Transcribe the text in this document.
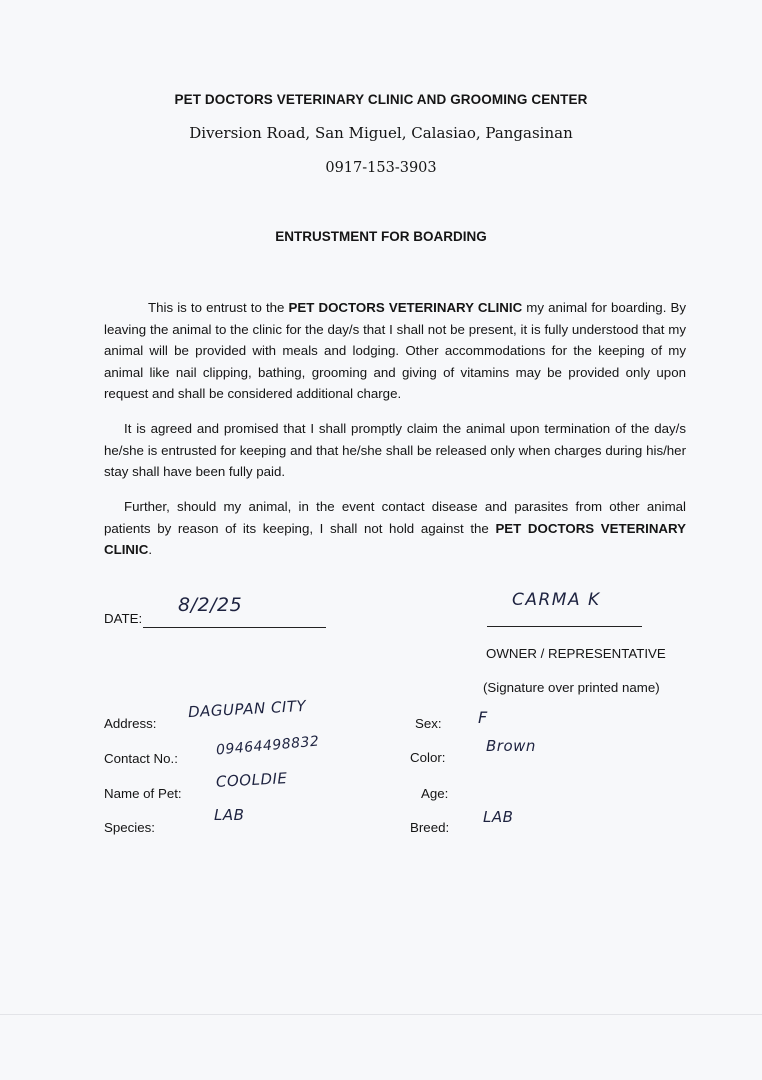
PET DOCTORS VETERINARY CLINIC AND GROOMING CENTER
Diversion Road, San Miguel, Calasiao, Pangasinan
0917-153-3903
ENTRUSTMENT FOR BOARDING
This is to entrust to the PET DOCTORS VETERINARY CLINIC my animal for boarding. By leaving the animal to the clinic for the day/s that I shall not be present, it is fully understood that my animal will be provided with meals and lodging. Other accommodations for the keeping of my animal like nail clipping, bathing, grooming and giving of vitamins may be provided only upon request and shall be considered additional charge.
It is agreed and promised that I shall promptly claim the animal upon termination of the day/s he/she is entrusted for keeping and that he/she shall be released only when charges during his/her stay shall have been fully paid.
Further, should my animal, in the event contact disease and parasites from other animal patients by reason of its keeping, I shall not hold against the PET DOCTORS VETERINARY CLINIC.
DATE:
8/2/25	CARMA K
OWNER / REPRESENTATIVE
(Signature over printed name)
Address:
DAGUPAN CITY
Contact No.:
09464498832
Name of Pet:
COOLDIE
Species:
LAB
Sex: F
Color:
Brown
Age:
Breed:
LAB
